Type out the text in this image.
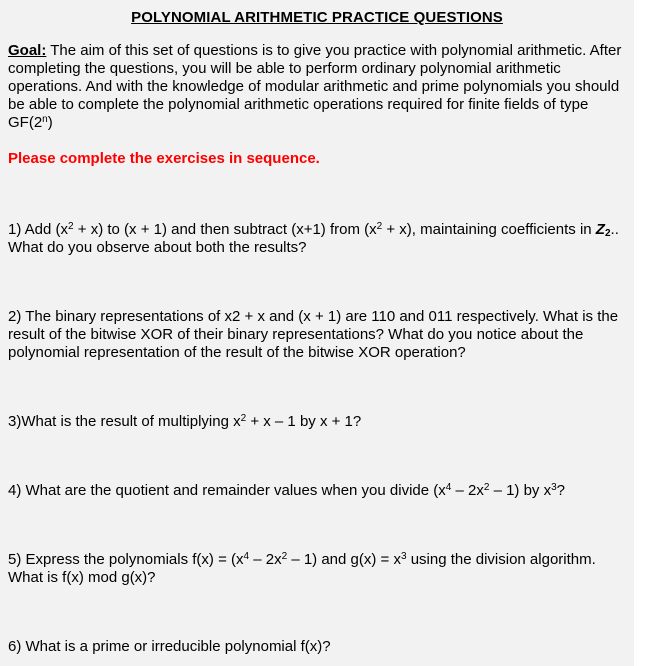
POLYNOMIAL ARITHMETIC PRACTICE QUESTIONS
Goal: The aim of this set of questions is to give you practice with polynomial arithmetic. After completing the questions, you will be able to perform ordinary polynomial arithmetic operations. And with the knowledge of modular arithmetic and prime polynomials you should be able to complete the polynomial arithmetic operations required for finite fields of type GF(2$^n$)
Please complete the exercises in sequence.
1) Add $(x^2 + x)$ to (x + 1) and then subtract (x+1) from $(x^2 + x)$, maintaining coefficients in Z2.. What do you observe about both the results?
2) The binary representations of x2 + x and (x + 1) are 110 and 011 respectively. What is the result of the bitwise XOR of their binary representations? What do you notice about the polynomial representation of the result of the bitwise XOR operation?
3)What is the result of multiplying $x^2 + x - 1$ by x + 1?
4) What are the quotient and remainder values when you divide $(x^4 - 2x^2 - 1)$ by $x^3$?
5) Express the polynomials $f(x) = (x^4 - 2x^2 - 1)$ and $g(x) = x^3$ using the division algorithm. What is f(x) mod g(x)?
6) What is a prime or irreducible polynomial f(x)?
